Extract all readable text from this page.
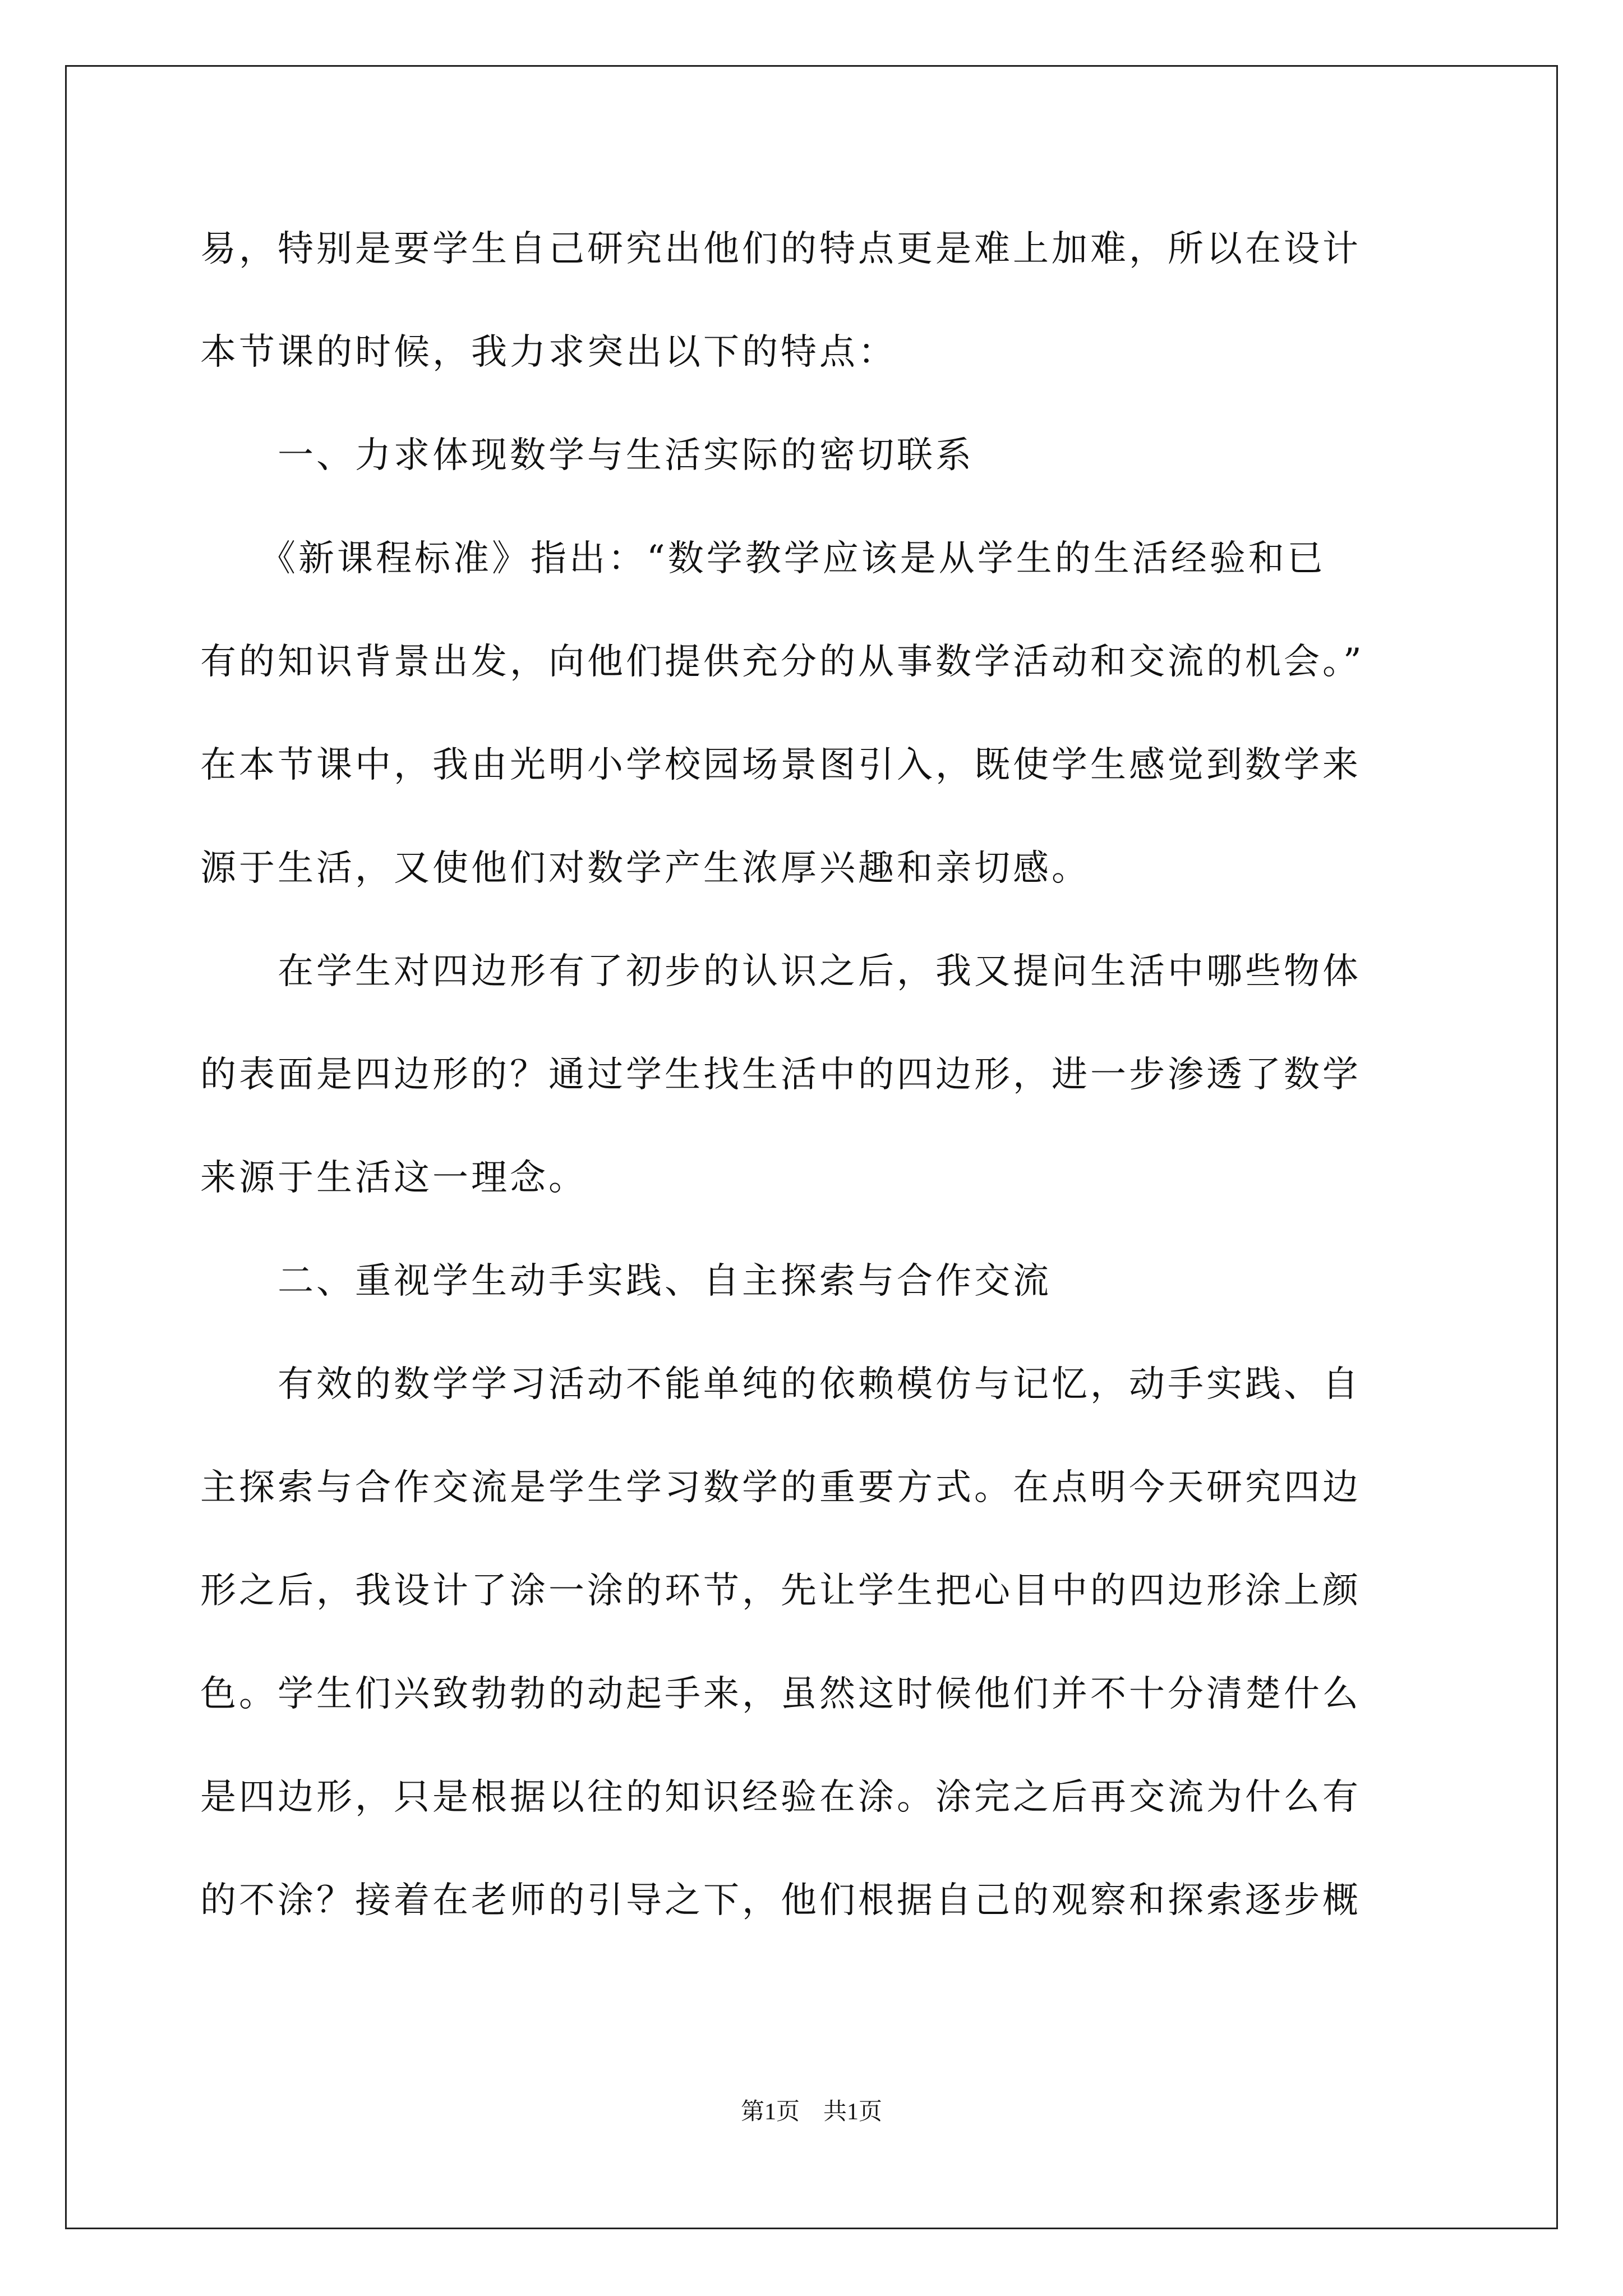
易，特别是要学生自己研究出他们的特点更是难上加难，所以在设计
本节课的时候，我力求突出以下的特点：
　　一、力求体现数学与生活实际的密切联系
　　《新课程标准》指出：“数学教学应该是从学生的生活经验和已
有的知识背景出发，向他们提供充分的从事数学活动和交流的机会。”
在本节课中，我由光明小学校园场景图引入，既使学生感觉到数学来
源于生活，又使他们对数学产生浓厚兴趣和亲切感。
　　在学生对四边形有了初步的认识之后，我又提问生活中哪些物体
的表面是四边形的？通过学生找生活中的四边形，进一步渗透了数学
来源于生活这一理念。
　　二、重视学生动手实践、自主探索与合作交流
　　有效的数学学习活动不能单纯的依赖模仿与记忆，动手实践、自
主探索与合作交流是学生学习数学的重要方式。在点明今天研究四边
形之后，我设计了涂一涂的环节，先让学生把心目中的四边形涂上颜
色。学生们兴致勃勃的动起手来，虽然这时候他们并不十分清楚什么
是四边形，只是根据以往的知识经验在涂。涂完之后再交流为什么有
的不涂？接着在老师的引导之下，他们根据自己的观察和探索逐步概
第1页　共1页
